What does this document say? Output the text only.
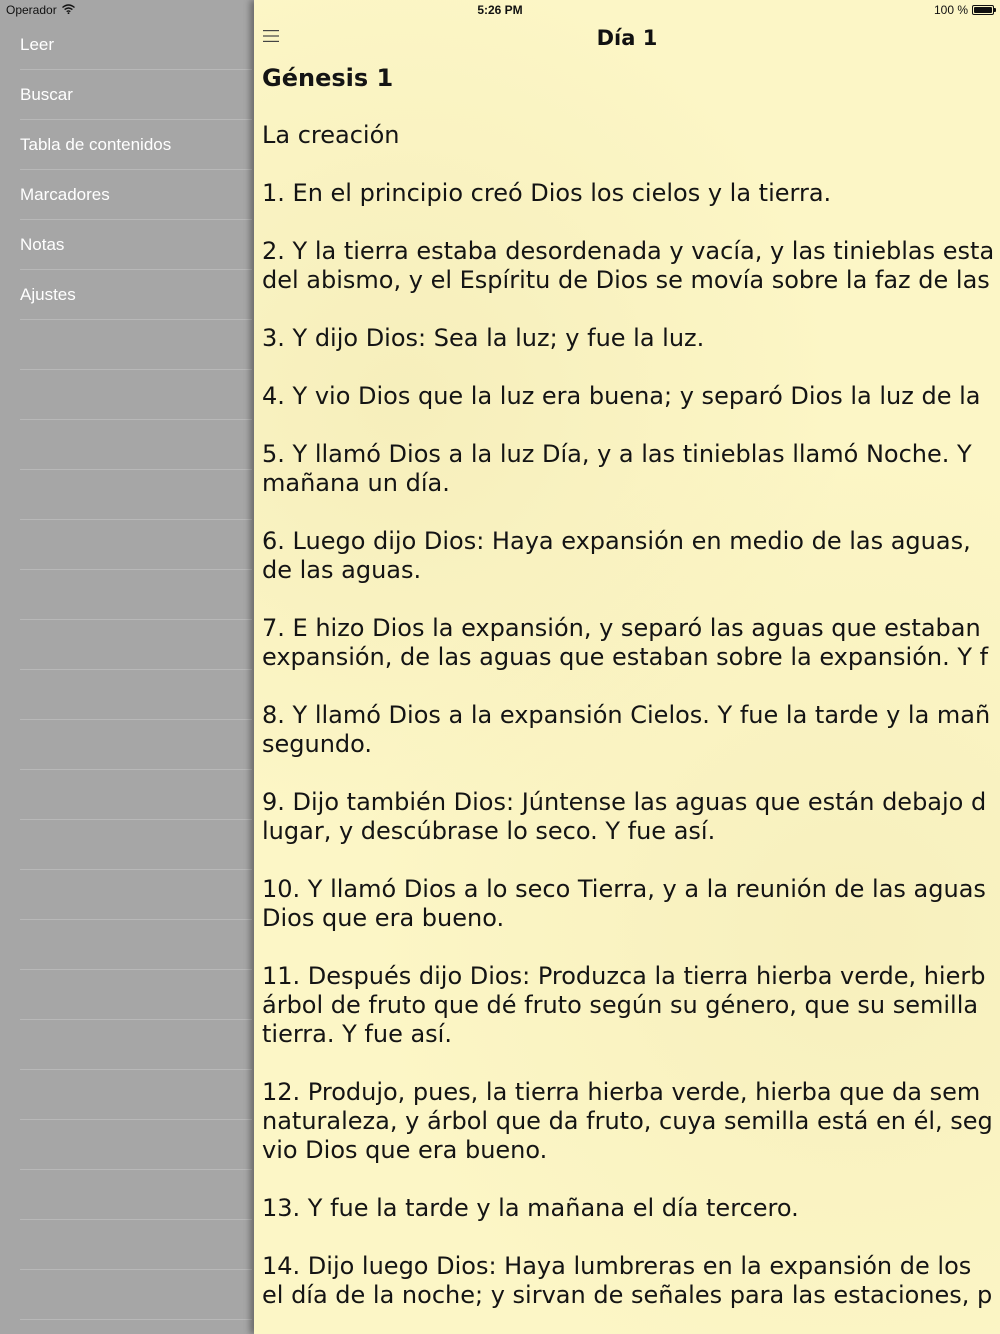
Operador	5:26 PM	100 %
Leer
Buscar
Tabla de contenidos
Marcadores
Notas
Ajustes
Día 1
Génesis 1

La creación

1. En el principio creó Dios los cielos y la tierra.

2. Y la tierra estaba desordenada y vacía, y las tinieblas esta
del abismo, y el Espíritu de Dios se movía sobre la faz de las

3. Y dijo Dios: Sea la luz; y fue la luz.

4. Y vio Dios que la luz era buena; y separó Dios la luz de la

5. Y llamó Dios a la luz Día, y a las tinieblas llamó Noche. Y
mañana un día.

6. Luego dijo Dios: Haya expansión en medio de las aguas,
de las aguas.

7. E hizo Dios la expansión, y separó las aguas que estaban
expansión, de las aguas que estaban sobre la expansión. Y f

8. Y llamó Dios a la expansión Cielos. Y fue la tarde y la mañ
segundo.

9. Dijo también Dios: Júntense las aguas que están debajo d
lugar, y descúbrase lo seco. Y fue así.

10. Y llamó Dios a lo seco Tierra, y a la reunión de las aguas
Dios que era bueno.

11. Después dijo Dios: Produzca la tierra hierba verde, hierb
árbol de fruto que dé fruto según su género, que su semilla
tierra. Y fue así.

12. Produjo, pues, la tierra hierba verde, hierba que da sem
naturaleza, y árbol que da fruto, cuya semilla está en él, seg
vio Dios que era bueno.

13. Y fue la tarde y la mañana el día tercero.

14. Dijo luego Dios: Haya lumbreras en la expansión de los
el día de la noche; y sirvan de señales para las estaciones, p
